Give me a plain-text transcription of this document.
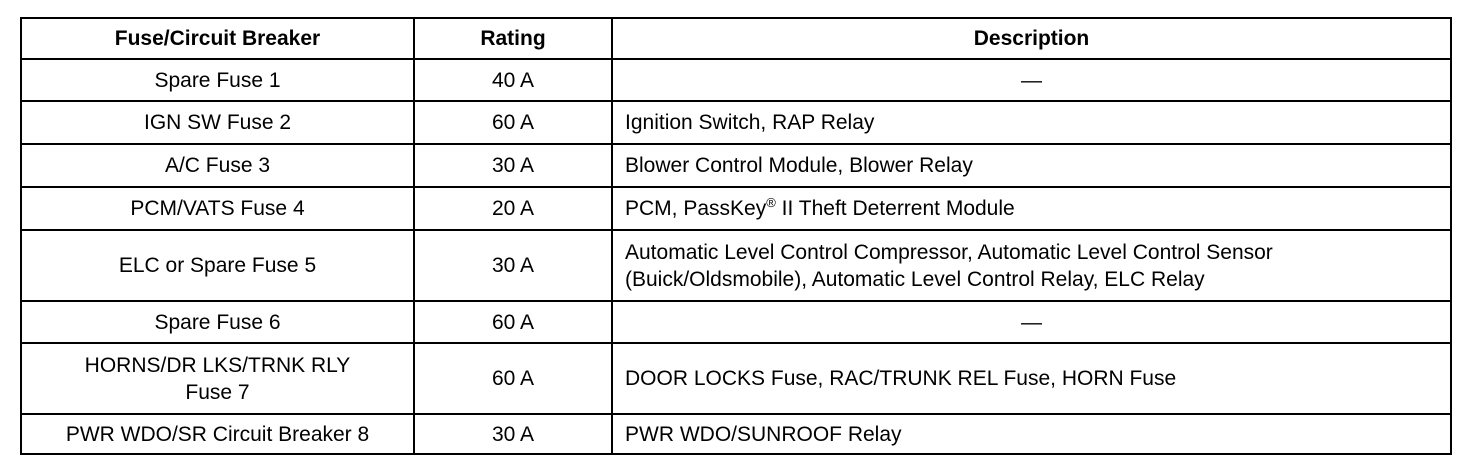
Fuse/Circuit Breaker	Rating	Description
Spare Fuse 1	40 A	—
IGN SW Fuse 2	60 A	Ignition Switch, RAP Relay
A/C Fuse 3	30 A	Blower Control Module, Blower Relay
PCM/VATS Fuse 4	20 A	PCM, PassKey® II Theft Deterrent Module
ELC or Spare Fuse 5	30 A	Automatic Level Control Compressor, Automatic Level Control Sensor (Buick/Oldsmobile), Automatic Level Control Relay, ELC Relay
Spare Fuse 6	60 A	—
HORNS/DR LKS/TRNK RLY Fuse 7	60 A	DOOR LOCKS Fuse, RAC/TRUNK REL Fuse, HORN Fuse
PWR WDO/SR Circuit Breaker 8	30 A	PWR WDO/SUNROOF Relay
